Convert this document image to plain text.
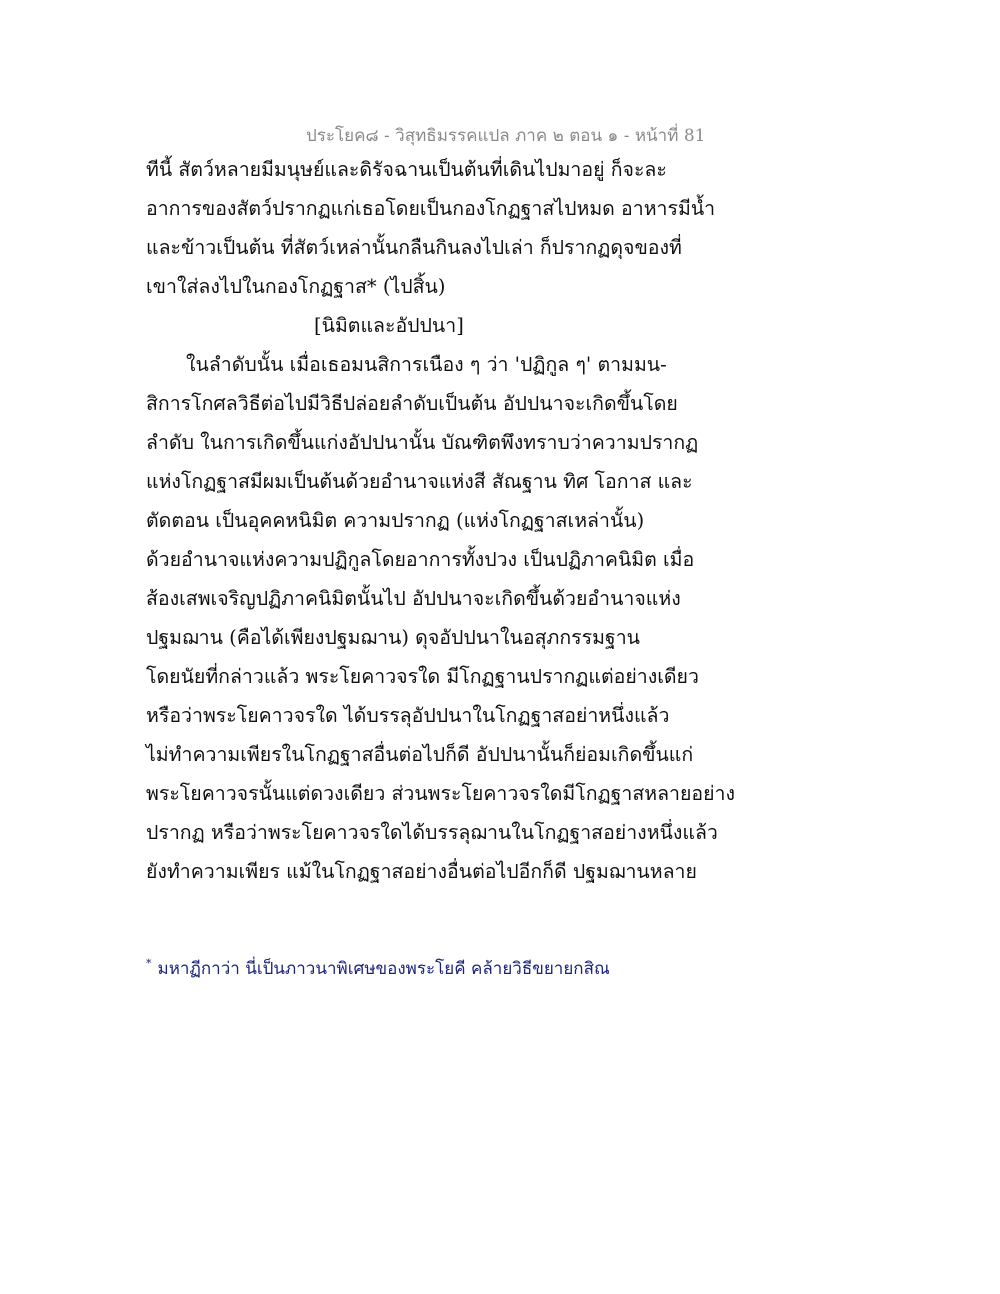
ประโยค๘ - วิสุทธิมรรคแปล ภาค ๒ ตอน ๑ - หน้าที่ 81
ทีนี้ สัตว์หลายมีมนุษย์และดิรัจฉานเป็นต้นที่เดินไปมาอยู่ ก็จะละ
อาการของสัตว์ปรากฏแก่เธอโดยเป็นกองโกฏฐาสไปหมด อาหารมีน้ำ
และข้าวเป็นต้น ที่สัตว์เหล่านั้นกลืนกินลงไปเล่า ก็ปรากฏดุจของที่
เขาใส่ลงไปในกองโกฏฐาส* (ไปสิ้น)
[นิมิตและอัปปนา]
ในลำดับนั้น เมื่อเธอมนสิการเนือง ๆ ว่า 'ปฏิกูล ๆ' ตามมน-
สิการโกศลวิธีต่อไปมีวิธีปล่อยลำดับเป็นต้น อัปปนาจะเกิดขึ้นโดย
ลำดับ ในการเกิดขึ้นแก่งอัปปนานั้น บัณฑิตพึงทราบว่าความปรากฏ
แห่งโกฏฐาสมีผมเป็นต้นด้วยอำนาจแห่งสี สัณฐาน ทิศ โอกาส และ
ตัดตอน เป็นอุคคหนิมิต ความปรากฏ (แห่งโกฏฐาสเหล่านั้น)
ด้วยอำนาจแห่งความปฏิกูลโดยอาการทั้งปวง เป็นปฏิภาคนิมิต เมื่อ
ส้องเสพเจริญปฏิภาคนิมิตนั้นไป อัปปนาจะเกิดขึ้นด้วยอำนาจแห่ง
ปฐมฌาน (คือได้เพียงปฐมฌาน) ดุจอัปปนาในอสุภกรรมฐาน
โดยนัยที่กล่าวแล้ว พระโยคาวจรใด มีโกฏฐานปรากฏแต่อย่างเดียว
หรือว่าพระโยคาวจรใด ได้บรรลุอัปปนาในโกฏฐาสอย่าหนึ่งแล้ว
ไม่ทำความเพียรในโกฏฐาสอื่นต่อไปก็ดี อัปปนานั้นก็ย่อมเกิดขึ้นแก่
พระโยคาวจรนั้นแต่ดวงเดียว ส่วนพระโยคาวจรใดมีโกฏฐาสหลายอย่าง
ปรากฏ หรือว่าพระโยคาวจรใดได้บรรลุฌานในโกฏฐาสอย่างหนึ่งแล้ว
ยังทำความเพียร แม้ในโกฏฐาสอย่างอื่นต่อไปอีกก็ดี ปฐมฌานหลาย
* มหาฏีกาว่า นี่เป็นภาวนาพิเศษของพระโยคี คล้ายวิธีขยายกสิณ
